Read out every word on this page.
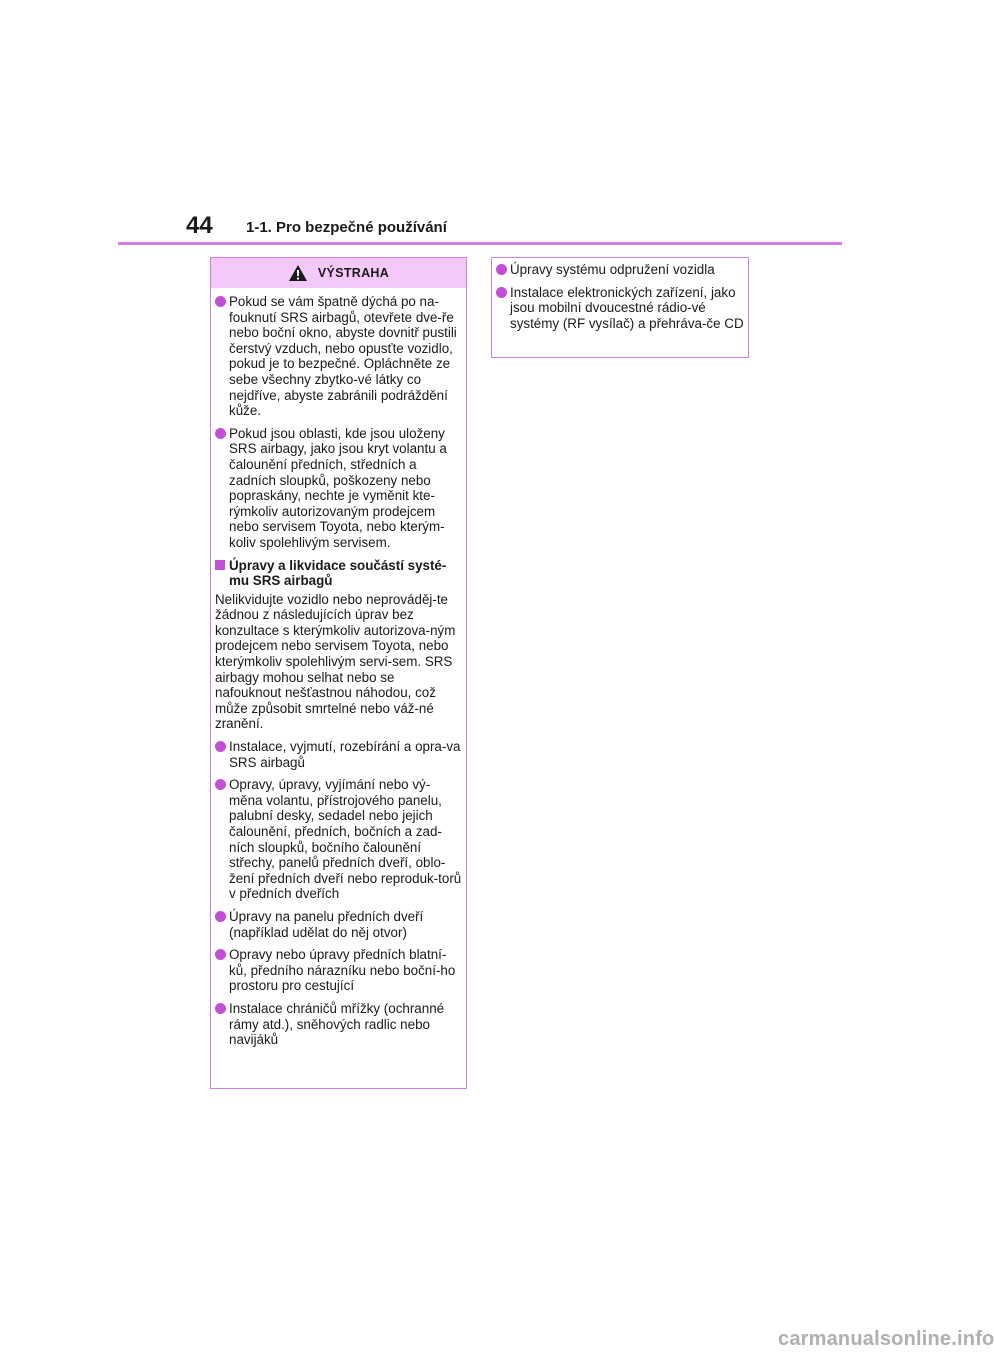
44 1-1. Pro bezpečné používání
VÝSTRAHA
Pokud se vám špatně dýchá po na-fouknutí SRS airbagů, otevřete dve-ře nebo boční okno, abyste dovnitř pustili čerstvý vzduch, nebo opusťte vozidlo, pokud je to bezpečné. Opláchněte ze sebe všechny zbytko-vé látky co nejdříve, abyste zabránili podráždění kůže.
Pokud jsou oblasti, kde jsou uloženy SRS airbagy, jako jsou kryt volantu a čalounění předních, středních a zadních sloupků, poškozeny nebo popraskány, nechte je vyměnit kte-rýmkoliv autorizovaným prodejcem nebo servisem Toyota, nebo kterým-koliv spolehlivým servisem.
Úpravy a likvidace součástí systé-mu SRS airbagů
Nelikvidujte vozidlo nebo neprováděj-te žádnou z následujících úprav bez konzultace s kterýmkoliv autorizova-ným prodejcem nebo servisem Toyota, nebo kterýmkoliv spolehlivým servi-sem. SRS airbagy mohou selhat nebo se nafouknout nešťastnou náhodou, což může způsobit smrtelné nebo váž-né zranění.
Instalace, vyjmutí, rozebírání a opra-va SRS airbagů
Opravy, úpravy, vyjímání nebo vý-měna volantu, přístrojového panelu, palubní desky, sedadel nebo jejich čalounění, předních, bočních a zad-ních sloupků, bočního čalounění střechy, panelů předních dveří, oblo-žení předních dveří nebo reproduk-torů v předních dveřích
Úpravy na panelu předních dveří (například udělat do něj otvor)
Opravy nebo úpravy předních blatní-ků, předního nárazníku nebo boční-ho prostoru pro cestující
Instalace chráničů mřížky (ochranné rámy atd.), sněhových radlic nebo navijáků
Úpravy systému odpružení vozidla
Instalace elektronických zařízení, jako jsou mobilní dvoucestné rádio-vé systémy (RF vysílač) a přehráva-če CD
carmanualsonline.info
